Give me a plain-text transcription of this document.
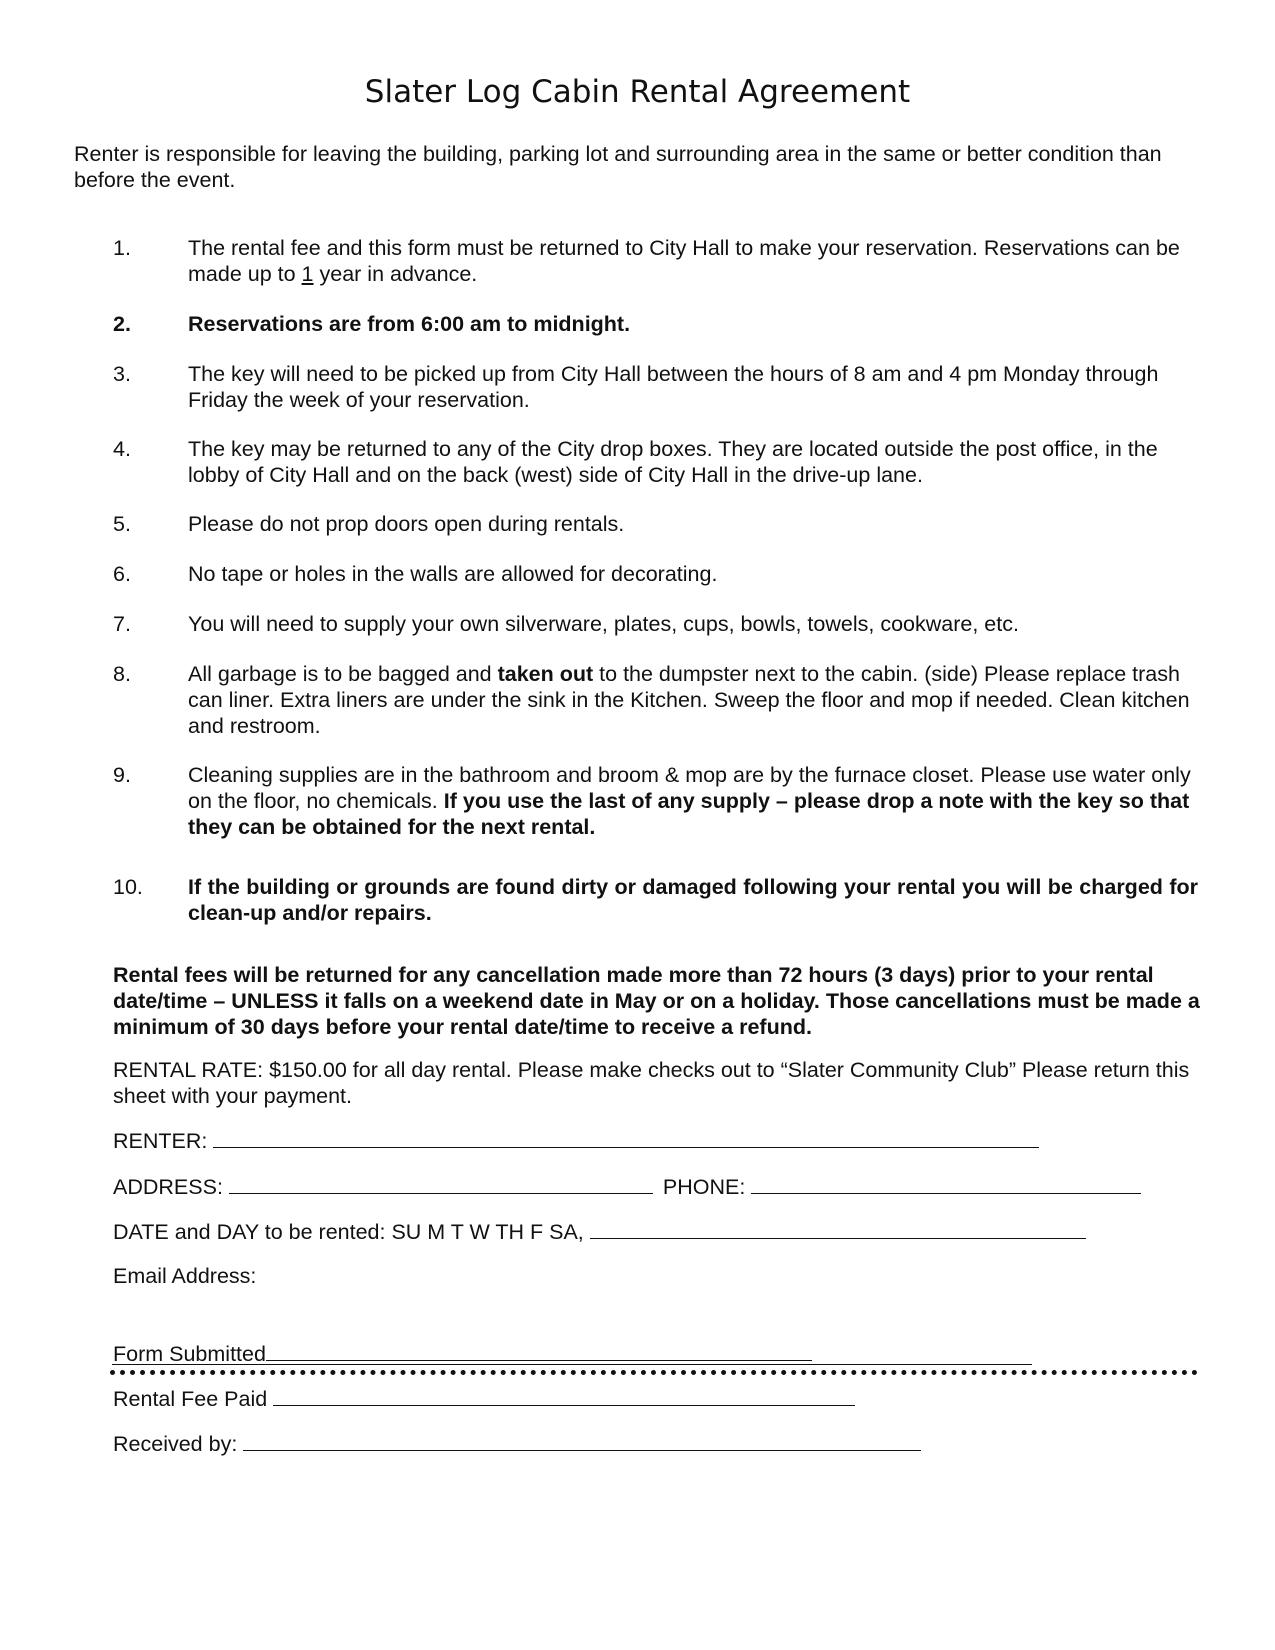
Slater Log Cabin Rental Agreement
Renter is responsible for leaving the building, parking lot and surrounding area in the same or better condition than before the event.
1.	The rental fee and this form must be returned to City Hall to make your reservation. Reservations can be made up to 1 year in advance.
2.	Reservations are from 6:00 am to midnight.
3.	The key will need to be picked up from City Hall between the hours of 8 am and 4 pm Monday through Friday the week of your reservation.
4.	The key may be returned to any of the City drop boxes. They are located outside the post office, in the lobby of City Hall and on the back (west) side of City Hall in the drive-up lane.
5.	Please do not prop doors open during rentals.
6.	No tape or holes in the walls are allowed for decorating.
7.	You will need to supply your own silverware, plates, cups, bowls, towels, cookware, etc.
8.	All garbage is to be bagged and taken out to the dumpster next to the cabin. (side) Please replace trash can liner. Extra liners are under the sink in the Kitchen. Sweep the floor and mop if needed. Clean kitchen and restroom.
9.	Cleaning supplies are in the bathroom and broom & mop are by the furnace closet. Please use water only on the floor, no chemicals. If you use the last of any supply – please drop a note with the key so that they can be obtained for the next rental.
10. If the building or grounds are found dirty or damaged following your rental you will be charged for clean-up and/or repairs.
Rental fees will be returned for any cancellation made more than 72 hours (3 days) prior to your rental date/time – UNLESS it falls on a weekend date in May or on a holiday. Those cancellations must be made a minimum of 30 days before your rental date/time to receive a refund.
RENTAL RATE: $150.00 for all day rental. Please make checks out to “Slater Community Club” Please return this sheet with your payment.
RENTER:
ADDRESS:	PHONE:
DATE and DAY to be rented: SU M T W TH F SA,
Email Address:
Form Submitted
Rental Fee Paid
Received by:
